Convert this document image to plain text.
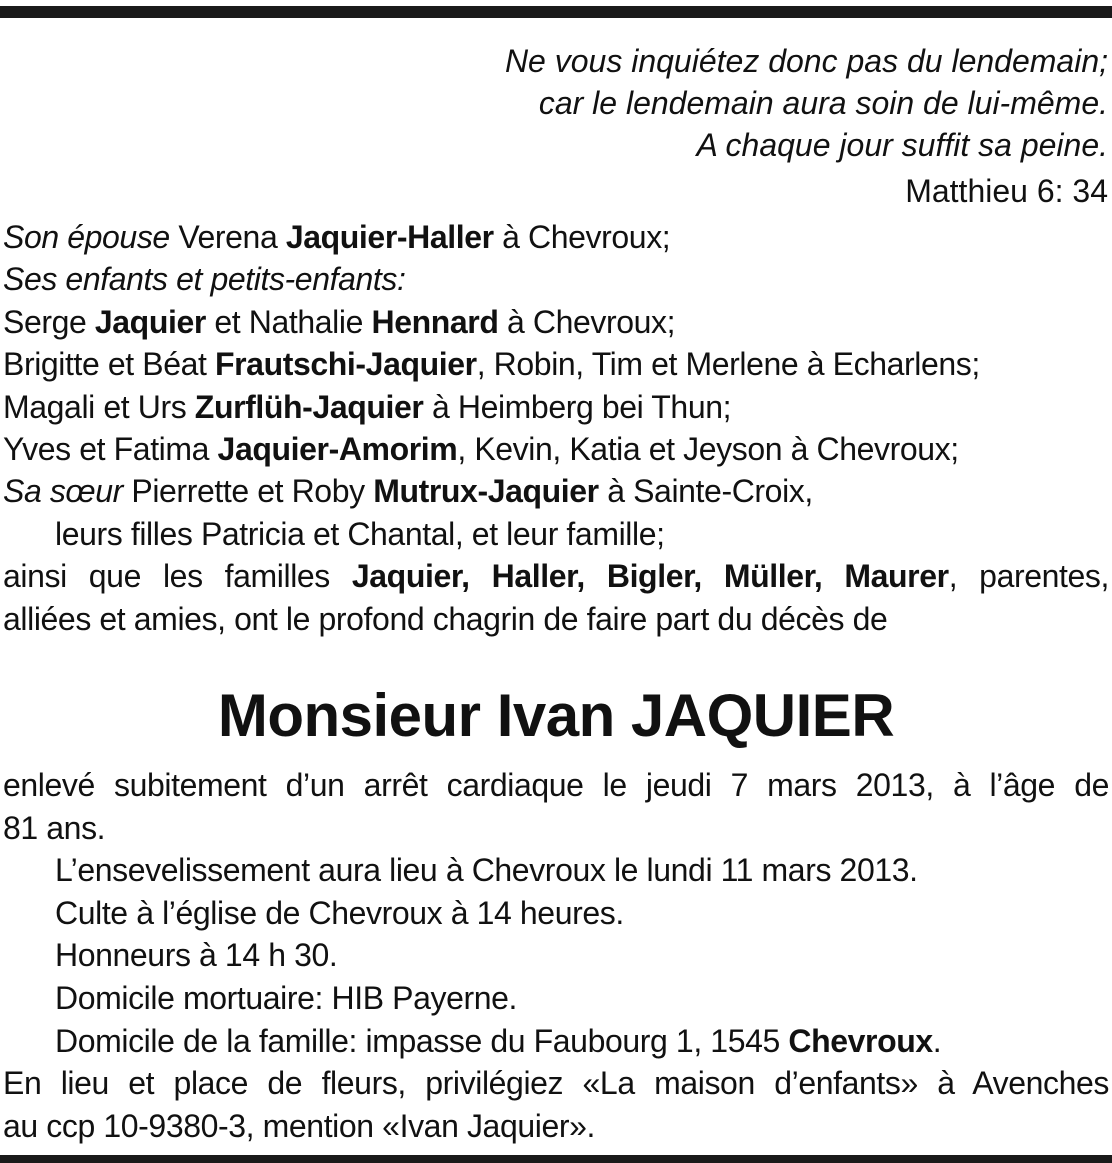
Ne vous inquiétez donc pas du lendemain;
car le lendemain aura soin de lui-même.
A chaque jour suffit sa peine.
Matthieu 6: 34

Son épouse Verena Jaquier-Haller à Chevroux;

Ses enfants et petits-enfants:

Serge Jaquier et Nathalie Hennard à Chevroux;

Brigitte et Béat Frautschi-Jaquier, Robin, Tim et Merlene à Echarlens;

Magali et Urs Zurflüh-Jaquier à Heimberg bei Thun;

Yves et Fatima Jaquier-Amorim, Kevin, Katia et Jeyson à Chevroux;

Sa sœur Pierrette et Roby Mutrux-Jaquier à Sainte-Croix,

leurs filles Patricia et Chantal, et leur famille;

ainsi que les familles Jaquier, Haller, Bigler, Müller, Maurer, parentes,

alliées et amies, ont le profond chagrin de faire part du décès de

Monsieur Ivan JAQUIER

enlevé subitement d’un arrêt cardiaque le jeudi 7 mars 2013, à l’âge de

81 ans.

L’ensevelissement aura lieu à Chevroux le lundi 11 mars 2013.

Culte à l’église de Chevroux à 14 heures.

Honneurs à 14 h 30.

Domicile mortuaire: HIB Payerne.

Domicile de la famille: impasse du Faubourg 1, 1545 Chevroux.

En lieu et place de fleurs, privilégiez «La maison d’enfants» à Avenches

au ccp 10-9380-3, mention «Ivan Jaquier».
